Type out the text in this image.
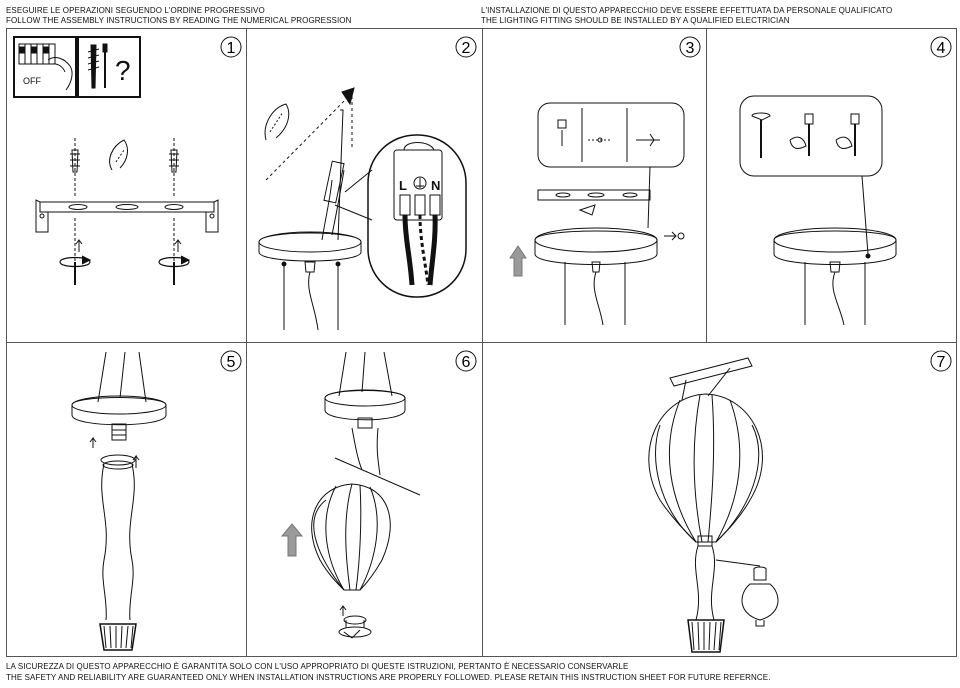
ESEGUIRE LE OPERAZIONI SEGUENDO L'ORDINE PROGRESSIVO
FOLLOW THE ASSEMBLY INSTRUCTIONS BY READING THE NUMERICAL PROGRESSION
L'INSTALLAZIONE DI QUESTO APPARECCHIO DEVE ESSERE EFFETTUATA DA PERSONALE QUALIFICATO
THE LIGHTING FITTING SHOULD BE INSTALLED BY A QUALIFIED ELECTRICIAN
1	2	3	4
5	6	7
OFF	?
L N
LA SICUREZZA DI QUESTO APPARECCHIO È GARANTITA SOLO CON L'USO APPROPRIATO DI QUESTE ISTRUZIONI, PERTANTO È NECESSARIO CONSERVARLE
THE SAFETY AND RELIABILITY ARE GUARANTEED ONLY WHEN INSTALLATION INSTRUCTIONS ARE PROPERLY FOLLOWED. PLEASE RETAIN THIS INSTRUCTION SHEET FOR FUTURE REFERNCE.
